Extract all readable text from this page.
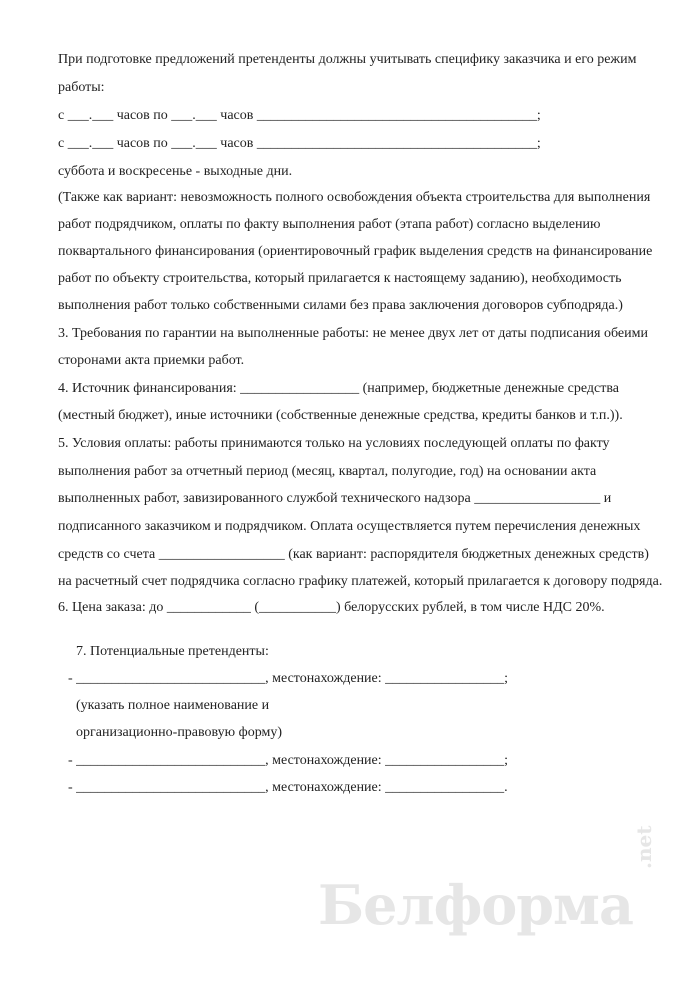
При подготовке предложений претенденты должны учитывать специфику заказчика и его режим
работы:
с ___.___ часов по ___.___ часов ________________________________________;
с ___.___ часов по ___.___ часов ________________________________________;
суббота и воскресенье - выходные дни.
(Также как вариант: невозможность полного освобождения объекта строительства для выполнения
работ подрядчиком, оплаты по факту выполнения работ (этапа работ) согласно выделению
поквартального финансирования (ориентировочный график выделения средств на финансирование
работ по объекту строительства, который прилагается к настоящему заданию), необходимость
выполнения работ только собственными силами без права заключения договоров субподряда.)
3. Требования по гарантии на выполненные работы: не менее двух лет от даты подписания обеими
сторонами акта приемки работ.
4. Источник финансирования: _________________ (например, бюджетные денежные средства
(местный бюджет), иные источники (собственные денежные средства, кредиты банков и т.п.)).
5. Условия оплаты: работы принимаются только на условиях последующей оплаты по факту
выполнения работ за отчетный период (месяц, квартал, полугодие, год) на основании акта
выполненных работ, завизированного службой технического надзора __________________ и
подписанного заказчиком и подрядчиком. Оплата осуществляется путем перечисления денежных
средств со счета __________________ (как вариант: распорядителя бюджетных денежных средств)
на расчетный счет подрядчика согласно графику платежей, который прилагается к договору подряда.
6. Цена заказа: до ____________ (___________) белорусских рублей, в том числе НДС 20%.
7. Потенциальные претенденты:
- ___________________________, местонахождение: _________________;
(указать полное наименование и
организационно-правовую форму)
- ___________________________, местонахождение: _________________;
- ___________________________, местонахождение: _________________.
Белформа
.net
